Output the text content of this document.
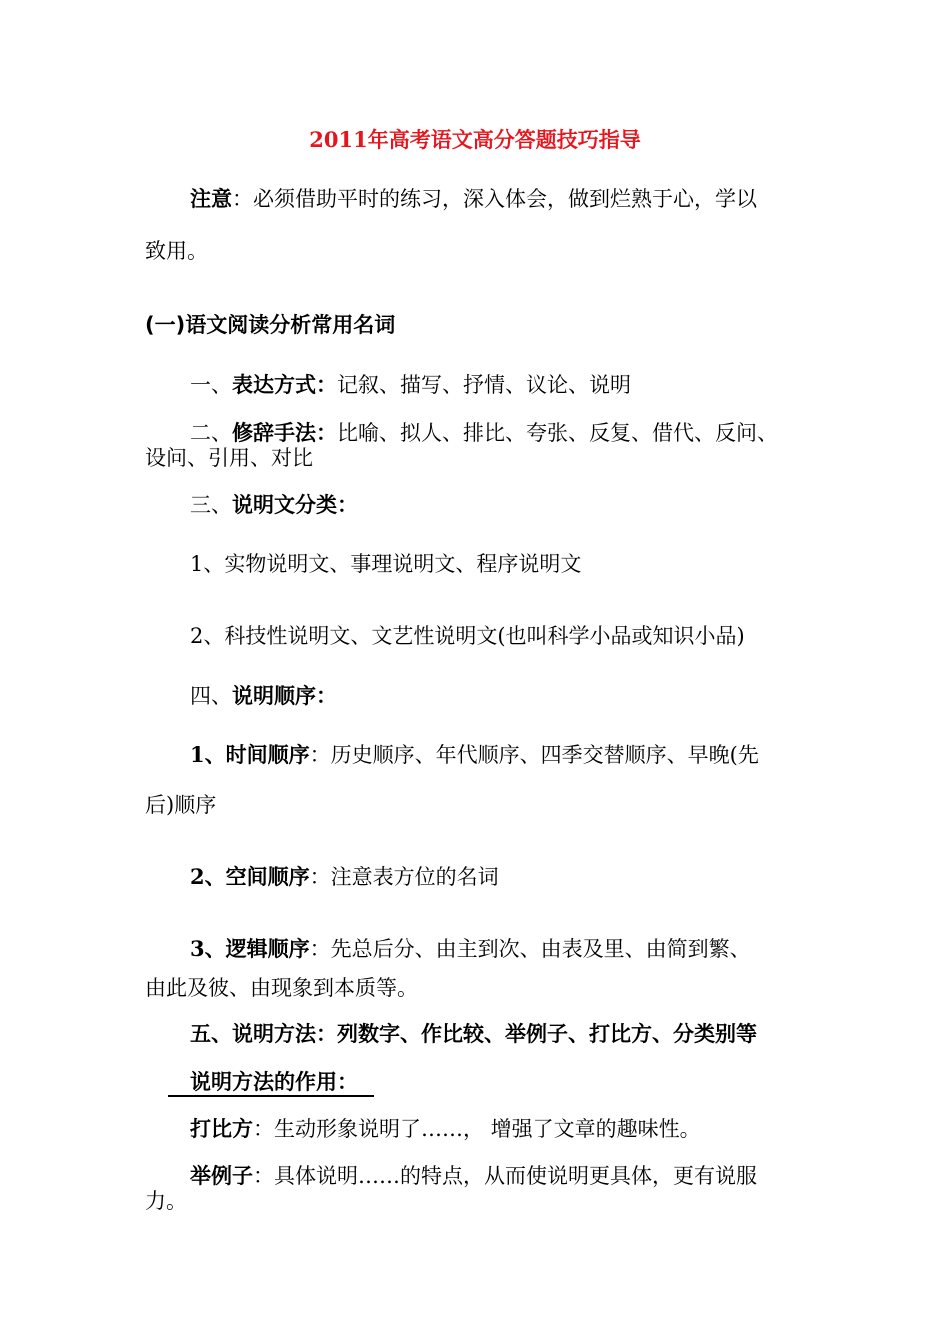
2011年高考语文高分答题技巧指导
注意：必须借助平时的练习，深入体会，做到烂熟于心，学以
致用。
(一)语文阅读分析常用名词
一、表达方式：记叙、描写、抒情、议论、说明
二、修辞手法：比喻、拟人、排比、夸张、反复、借代、反问、
设问、引用、对比
三、说明文分类：
1、实物说明文、事理说明文、程序说明文
2、科技性说明文、文艺性说明文(也叫科学小品或知识小品)
四、说明顺序：
1、时间顺序：历史顺序、年代顺序、四季交替顺序、早晚(先
后)顺序
2、空间顺序：注意表方位的名词
3、逻辑顺序：先总后分、由主到次、由表及里、由简到繁、
由此及彼、由现象到本质等。
五、说明方法：列数字、作比较、举例子、打比方、分类别等
说明方法的作用：
打比方：生动形象说明了……， 增强了文章的趣味性。
举例子：具体说明……的特点，从而使说明更具体，更有说服
力。
